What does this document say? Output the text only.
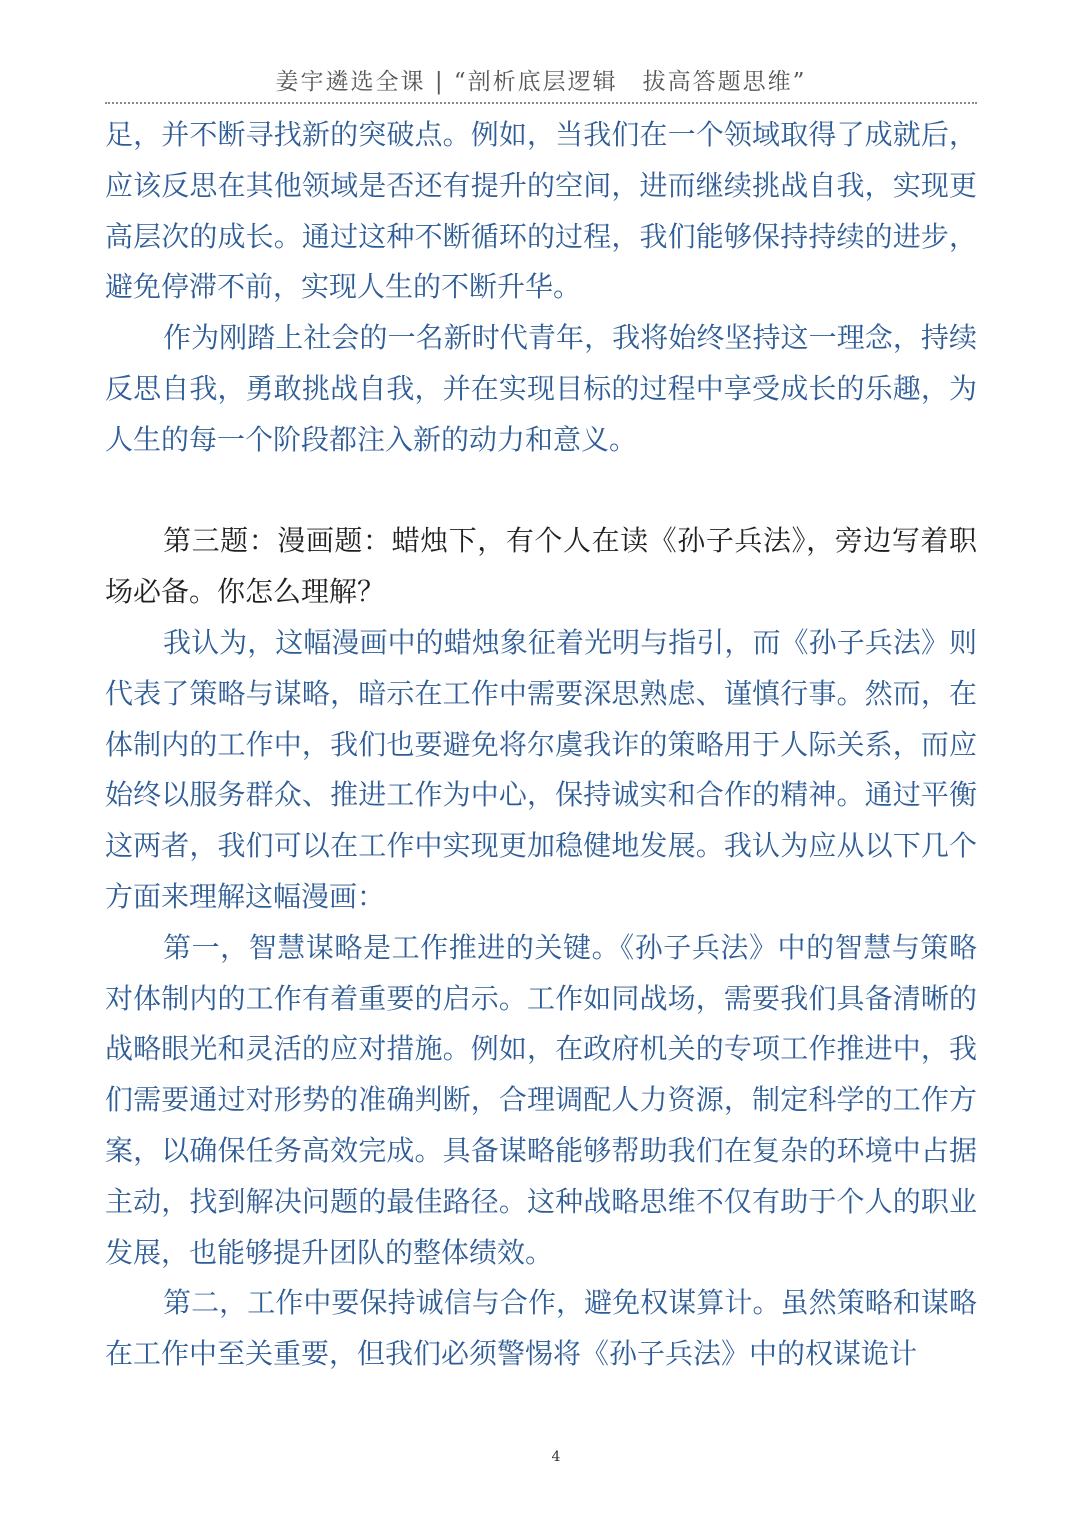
姜宇遴选全课 | “剖析底层逻辑　拔高答题思维”

足，并不断寻找新的突破点。例如，当我们在一个领域取得了成就后，应该反思在其他领域是否还有提升的空间，进而继续挑战自我，实现更高层次的成长。通过这种不断循环的过程，我们能够保持持续的进步，避免停滞不前，实现人生的不断升华。

作为刚踏上社会的一名新时代青年，我将始终坚持这一理念，持续反思自我，勇敢挑战自我，并在实现目标的过程中享受成长的乐趣，为人生的每一个阶段都注入新的动力和意义。

第三题：漫画题：蜡烛下，有个人在读《孙子兵法》，旁边写着职场必备。你怎么理解？

我认为，这幅漫画中的蜡烛象征着光明与指引，而《孙子兵法》则代表了策略与谋略，暗示在工作中需要深思熟虑、谨慎行事。然而，在体制内的工作中，我们也要避免将尔虞我诈的策略用于人际关系，而应始终以服务群众、推进工作为中心，保持诚实和合作的精神。通过平衡这两者，我们可以在工作中实现更加稳健地发展。我认为应从以下几个方面来理解这幅漫画：

第一，智慧谋略是工作推进的关键。《孙子兵法》中的智慧与策略对体制内的工作有着重要的启示。工作如同战场，需要我们具备清晰的战略眼光和灵活的应对措施。例如，在政府机关的专项工作推进中，我们需要通过对形势的准确判断，合理调配人力资源，制定科学的工作方案，以确保任务高效完成。具备谋略能够帮助我们在复杂的环境中占据主动，找到解决问题的最佳路径。这种战略思维不仅有助于个人的职业发展，也能够提升团队的整体绩效。

第二，工作中要保持诚信与合作，避免权谋算计。虽然策略和谋略在工作中至关重要，但我们必须警惕将《孙子兵法》中的权谋诡计

4
